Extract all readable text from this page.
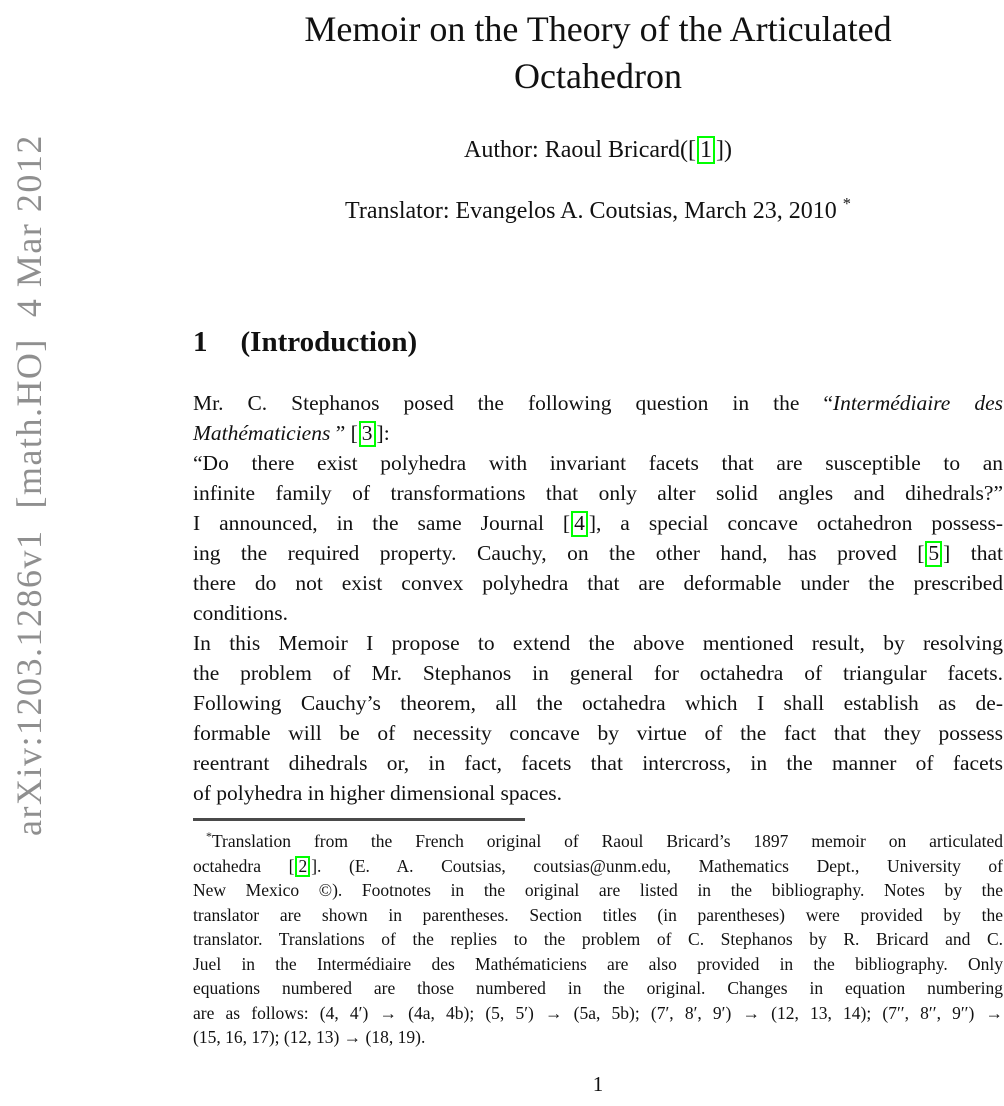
arXiv:1203.1286v1  [math.HO]  4 Mar 2012
Memoir on the Theory of the Articulated
Octahedron
Author: Raoul Bricard([ 1 ])
Translator: Evangelos A. Coutsias, March 23, 2010 *
1 (Introduction)
Mr. C. Stephanos posed the following question in the “Intermédiaire des
Mathématiciens ” [ 3 ]:
“Do there exist polyhedra with invariant facets that are susceptible to an
infinite family of transformations that only alter solid angles and dihedrals?”
I announced, in the same Journal [ 4 ], a special concave octahedron possess-
ing the required property. Cauchy, on the other hand, has proved [ 5 ] that
there do not exist convex polyhedra that are deformable under the prescribed
conditions.
In this Memoir I propose to extend the above mentioned result, by resolving
the problem of Mr. Stephanos in general for octahedra of triangular facets.
Following Cauchy’s theorem, all the octahedra which I shall establish as de-
formable will be of necessity concave by virtue of the fact that they possess
reentrant dihedrals or, in fact, facets that intercross, in the manner of facets
of polyhedra in higher dimensional spaces.
*Translation from the French original of Raoul Bricard’s 1897 memoir on articulated
octahedra [ 2 ]. (E. A. Coutsias, coutsias@unm.edu, Mathematics Dept., University of
New Mexico ©). Footnotes in the original are listed in the bibliography. Notes by the
translator are shown in parentheses. Section titles (in parentheses) were provided by the
translator. Translations of the replies to the problem of C. Stephanos by R. Bricard and C.
Juel in the Intermédiaire des Mathématiciens are also provided in the bibliography. Only
equations numbered are those numbered in the original. Changes in equation numbering
are as follows: (4, 4′) → (4a, 4b); (5, 5′) → (5a, 5b); (7′, 8′, 9′) → (12, 13, 14); (7′′, 8′′, 9′′) →
(15, 16, 17); (12, 13) → (18, 19).
1
